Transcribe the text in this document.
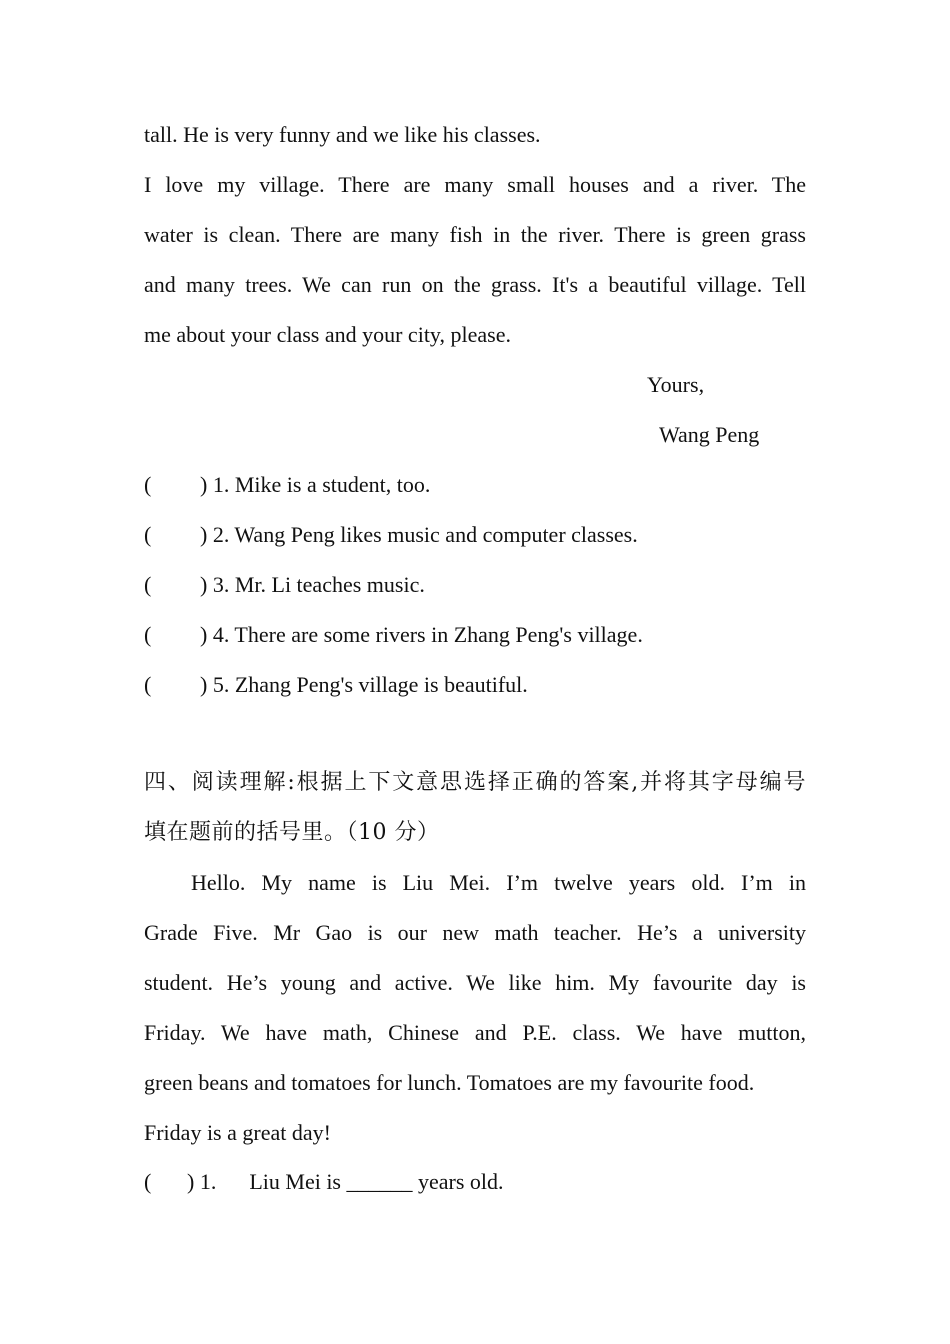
tall. He is very funny and we like his classes.
I love my village. There are many small houses and a river. The
water is clean. There are many fish in the river. There is green grass
and many trees. We can run on the grass. It's a beautiful village. Tell
me about your class and your city, please.
Yours,
Wang Peng
( ) 1. Mike is a student, too.
( ) 2. Wang Peng likes music and computer classes.
( ) 3. Mr. Li teaches music.
( ) 4. There are some rivers in Zhang Peng's village.
( ) 5. Zhang Peng's village is beautiful.
四、阅读理解:根据上下文意思选择正确的答案,并将其字母编号
填在题前的括号里。（10 分）
Hello. My name is Liu Mei. I’m twelve years old. I’m in
Grade Five. Mr Gao is our new math teacher. He’s a university
student. He’s young and active. We like him. My favourite day is
Friday. We have math, Chinese and P.E. class. We have mutton,
green beans and tomatoes for lunch. Tomatoes are my favourite food.
Friday is a great day!
( ) 1.      Liu Mei is ______ years old.
